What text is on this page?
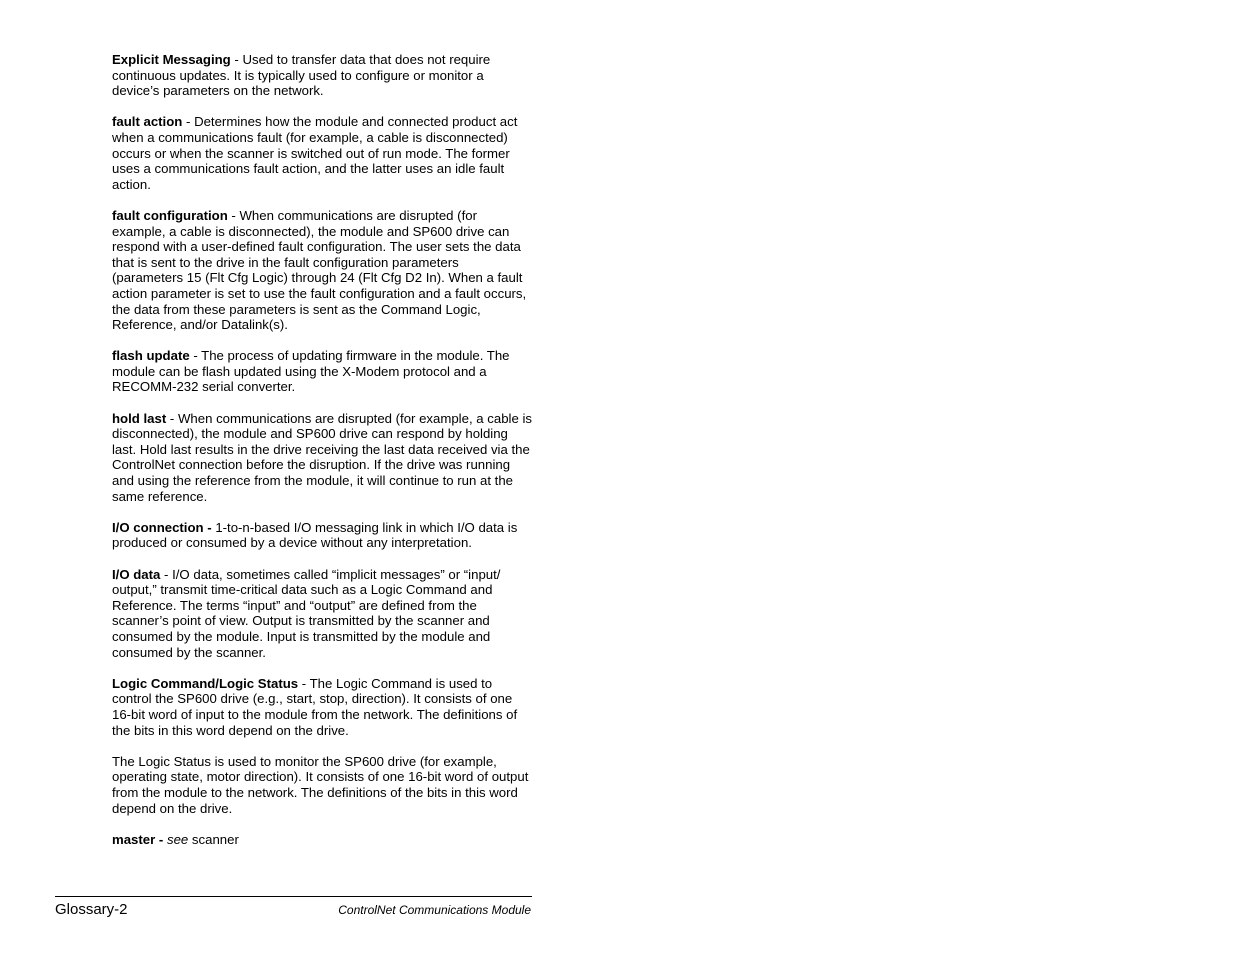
Explicit Messaging - Used to transfer data that does not require continuous updates. It is typically used to configure or monitor a device’s parameters on the network.

fault action - Determines how the module and connected product act when a communications fault (for example, a cable is disconnected) occurs or when the scanner is switched out of run mode. The former uses a communications fault action, and the latter uses an idle fault action.

fault configuration - When communications are disrupted (for example, a cable is disconnected), the module and SP600 drive can respond with a user-defined fault configuration. The user sets the data that is sent to the drive in the fault configuration parameters (parameters 15 (Flt Cfg Logic) through 24 (Flt Cfg D2 In). When a fault action parameter is set to use the fault configuration and a fault occurs, the data from these parameters is sent as the Command Logic, Reference, and/or Datalink(s).

flash update - The process of updating firmware in the module. The module can be flash updated using the X-Modem protocol and a RECOMM-232 serial converter.

hold last - When communications are disrupted (for example, a cable is disconnected), the module and SP600 drive can respond by holding last. Hold last results in the drive receiving the last data received via the ControlNet connection before the disruption. If the drive was running and using the reference from the module, it will continue to run at the same reference.

I/O connection - 1-to-n-based I/O messaging link in which I/O data is produced or consumed by a device without any interpretation.

I/O data - I/O data, sometimes called “implicit messages” or “input/ output,” transmit time-critical data such as a Logic Command and Reference. The terms “input” and “output” are defined from the scanner’s point of view. Output is transmitted by the scanner and consumed by the module. Input is transmitted by the module and consumed by the scanner.

Logic Command/Logic Status - The Logic Command is used to control the SP600 drive (e.g., start, stop, direction). It consists of one 16-bit word of input to the module from the network. The definitions of the bits in this word depend on the drive.

The Logic Status is used to monitor the SP600 drive (for example, operating state, motor direction). It consists of one 16-bit word of output from the module to the network. The definitions of the bits in this word depend on the drive.

master - see scanner

Glossary-2	ControlNet Communications Module
